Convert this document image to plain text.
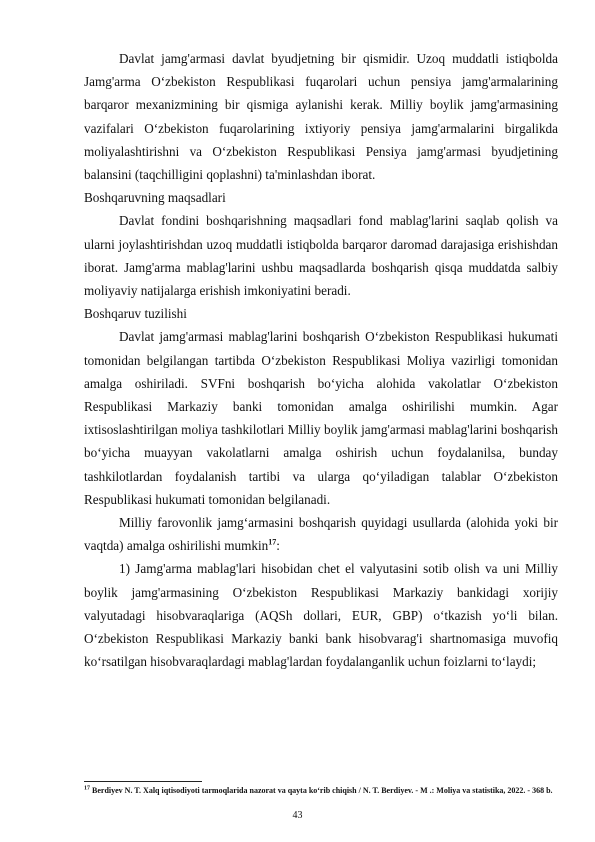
Davlat jamg'armasi davlat byudjetning bir qismidir. Uzoq muddatli istiqbolda Jamg'arma O‘zbekiston Respublikasi fuqarolari uchun pensiya jamg'armalarining barqaror mexanizmining bir qismiga aylanishi kerak. Milliy boylik jamg'armasining vazifalari O‘zbekiston fuqarolarining ixtiyoriy pensiya jamg'armalarini birgalikda moliyalashtirishni va O‘zbekiston Respublikasi Pensiya jamg'armasi byudjetining balansini (taqchilligini qoplashni) ta'minlashdan iborat.

Boshqaruvning maqsadlari

Davlat fondini boshqarishning maqsadlari fond mablag'larini saqlab qolish va ularni joylashtirishdan uzoq muddatli istiqbolda barqaror daromad darajasiga erishishdan iborat. Jamg'arma mablag'larini ushbu maqsadlarda boshqarish qisqa muddatda salbiy moliyaviy natijalarga erishish imkoniyatini beradi.

Boshqaruv tuzilishi

Davlat jamg'armasi mablag'larini boshqarish O‘zbekiston Respublikasi hukumati tomonidan belgilangan tartibda O‘zbekiston Respublikasi Moliya vazirligi tomonidan amalga oshiriladi. SVFni boshqarish bo‘yicha alohida vakolatlar O‘zbekiston Respublikasi Markaziy banki tomonidan amalga oshirilishi mumkin. Agar ixtisoslashtirilgan moliya tashkilotlari Milliy boylik jamg'armasi mablag'larini boshqarish bo‘yicha muayyan vakolatlarni amalga oshirish uchun foydalanilsa, bunday tashkilotlardan foydalanish tartibi va ularga qo‘yiladigan talablar O‘zbekiston Respublikasi hukumati tomonidan belgilanadi.

Milliy farovonlik jamg‘armasini boshqarish quyidagi usullarda (alohida yoki bir vaqtda) amalga oshirilishi mumkin$^{17}$:

1) Jamg'arma mablag'lari hisobidan chet el valyutasini sotib olish va uni Milliy boylik jamg'armasining O‘zbekiston Respublikasi Markaziy bankidagi xorijiy valyutadagi hisobvaraqlariga (AQSh dollari, EUR, GBP) o‘tkazish yo‘li bilan. O‘zbekiston Respublikasi Markaziy banki bank hisobvarag'i shartnomasiga muvofiq ko‘rsatilgan hisobvaraqlardagi mablag'lardan foydalanganlik uchun foizlarni to‘laydi;

$^{17}$ Berdiyev N. T. Xalq iqtisodiyoti tarmoqlarida nazorat va qayta ko‘rib chiqish / N. T. Berdiyev. - M .: Moliya va statistika, 2022. - 368 b.
43
